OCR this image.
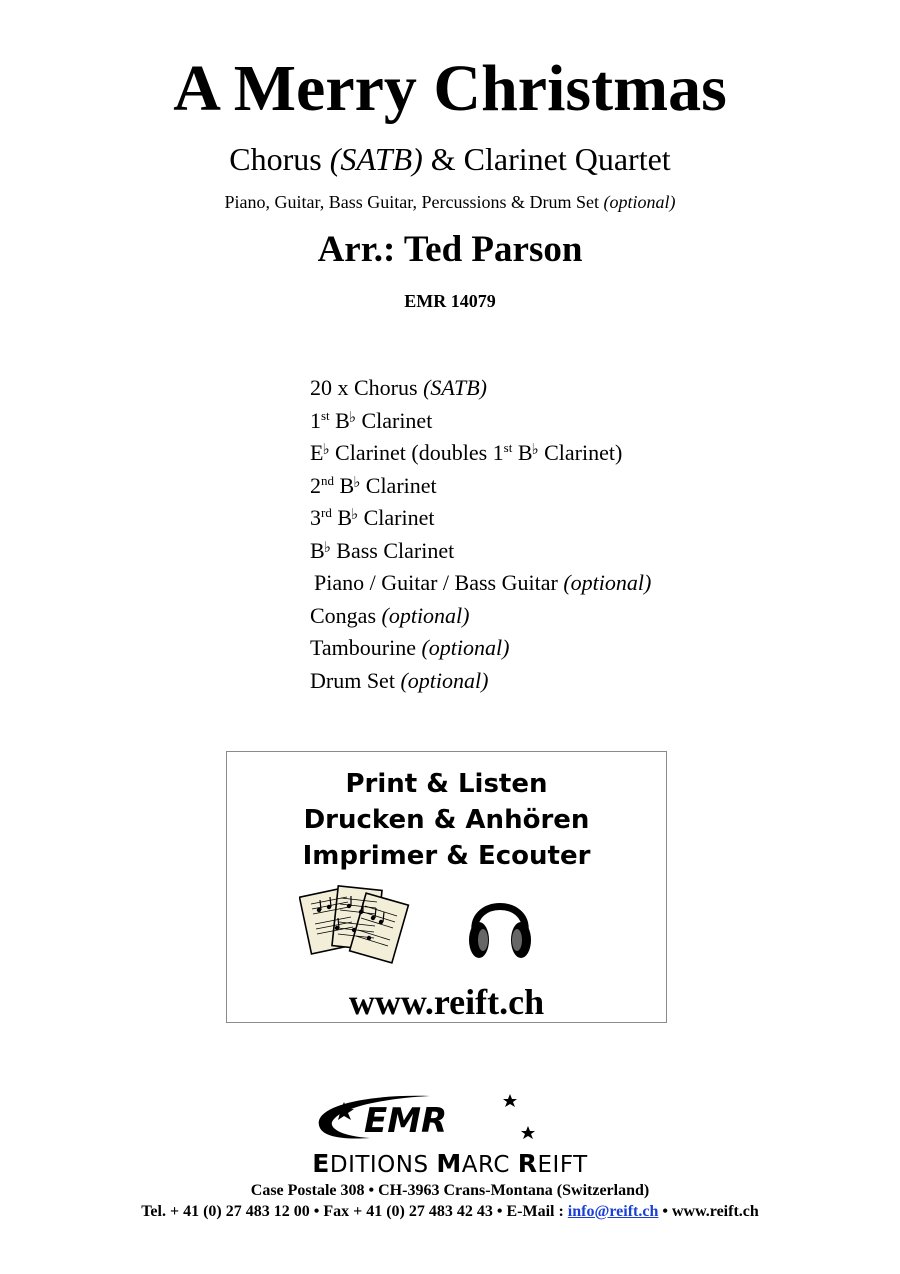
A Merry Christmas
Chorus (SATB) & Clarinet Quartet
Piano, Guitar, Bass Guitar, Percussions & Drum Set (optional)
Arr.: Ted Parson
EMR 14079
20 x Chorus (SATB)
1st B♭ Clarinet
E♭ Clarinet (doubles 1st B♭ Clarinet)
2nd B♭ Clarinet
3rd B♭ Clarinet
B♭ Bass Clarinet
Piano / Guitar / Bass Guitar (optional)
Congas (optional)
Tambourine (optional)
Drum Set (optional)
Print & Listen
Drucken & Anhören
Imprimer & Ecouter
www.reift.ch
EMR
EDITIONS MARC REIFT
Case Postale 308 • CH-3963 Crans-Montana (Switzerland)
Tel. + 41 (0) 27 483 12 00 • Fax + 41 (0) 27 483 42 43 • E-Mail : info@reift.ch • www.reift.ch
